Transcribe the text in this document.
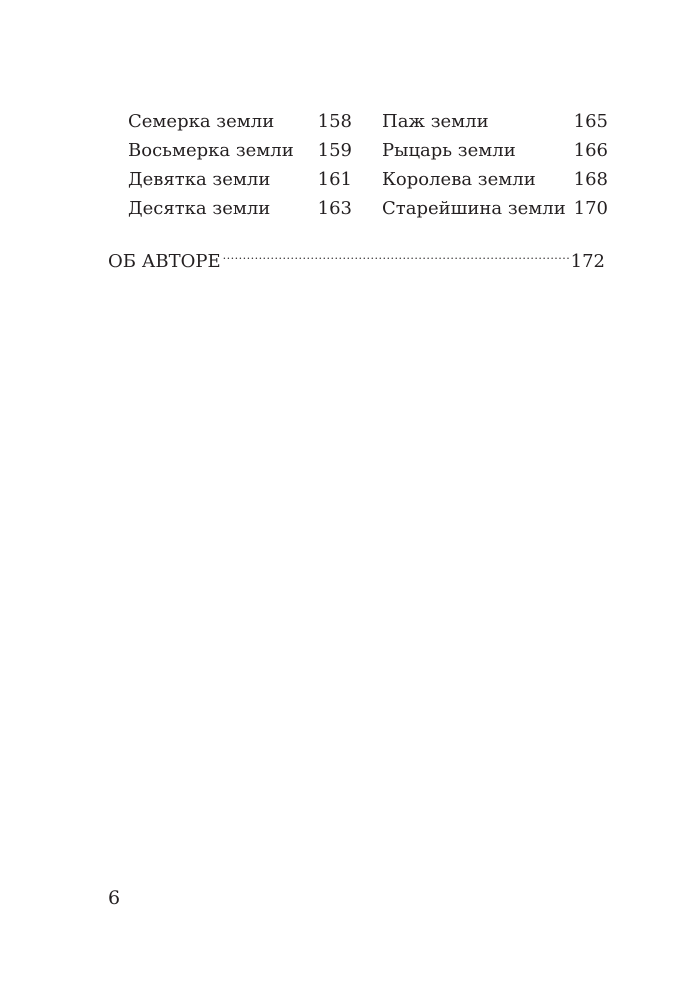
Семерка земли 158
Восьмерка земли 159
Девятка земли	161
Десятка земли	163
Паж земли	165
Рыцарь земли	166
Королева земли 168
Старейшина земли 170
ОБ АВТОРЕ .....	172
6
